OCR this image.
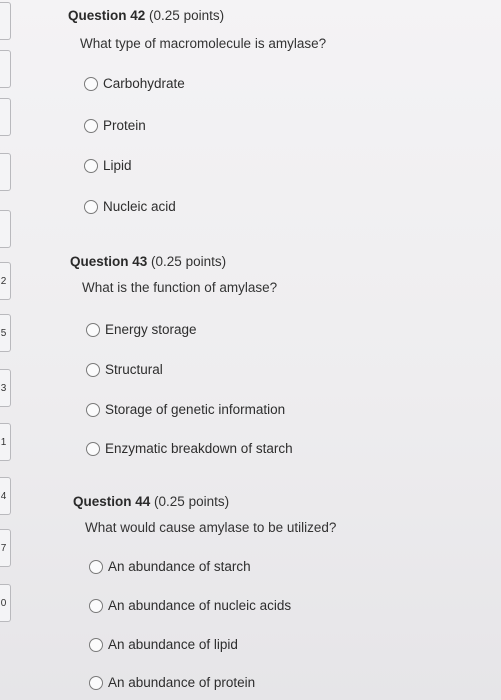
2
5
3
1
4
7
0
Question 42 (0.25 points)
What type of macromolecule is amylase?
Carbohydrate
Protein
Lipid
Nucleic acid
Question 43 (0.25 points)
What is the function of amylase?
Energy storage
Structural
Storage of genetic information
Enzymatic breakdown of starch
Question 44 (0.25 points)
What would cause amylase to be utilized?
An abundance of starch
An abundance of nucleic acids
An abundance of lipid
An abundance of protein
